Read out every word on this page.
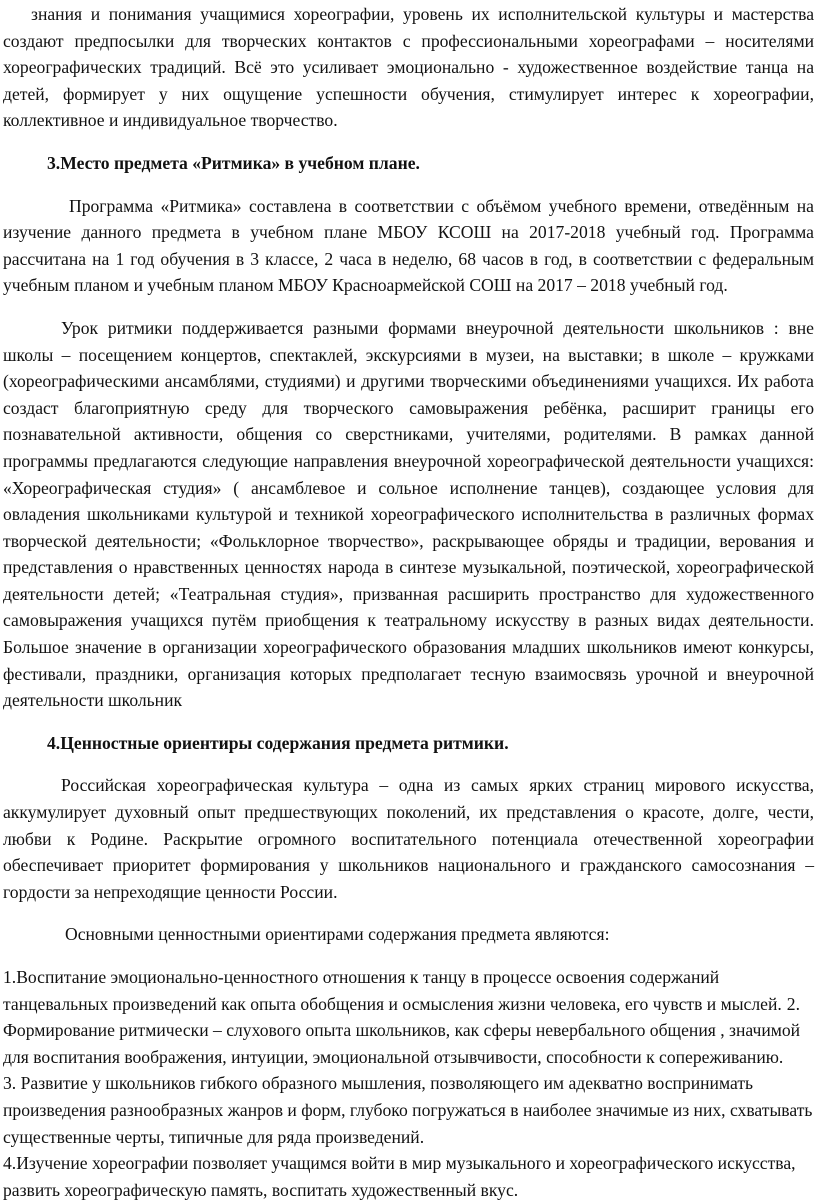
знания и понимания учащимися хореографии, уровень их исполнительской культуры и мастерства создают предпосылки для творческих контактов с профессиональными хореографами – носителями хореографических традиций. Всё это усиливает эмоционально - художественное воздействие танца на детей, формирует у них ощущение успешности обучения, стимулирует интерес к хореографии, коллективное и индивидуальное творчество.

3.Место предмета «Ритмика» в учебном плане.

Программа «Ритмика» составлена в соответствии с объёмом учебного времени, отведённым на изучение данного предмета в учебном плане МБОУ КСОШ на 2017-2018 учебный год. Программа рассчитана на 1 год обучения в 3 классе, 2 часа в неделю, 68 часов в год, в соответствии с федеральным учебным планом и учебным планом МБОУ Красноармейской СОШ на 2017 – 2018 учебный год.

Урок ритмики поддерживается разными формами внеурочной деятельности школьников : вне школы – посещением концертов, спектаклей, экскурсиями в музеи, на выставки; в школе – кружками (хореографическими ансамблями, студиями) и другими творческими объединениями учащихся. Их работа создаст благоприятную среду для творческого самовыражения ребёнка, расширит границы его познавательной активности, общения со сверстниками, учителями, родителями. В рамках данной программы предлагаются следующие направления внеурочной хореографической деятельности учащихся: «Хореографическая студия» ( ансамблевое и сольное исполнение танцев), создающее условия для овладения школьниками культурой и техникой хореографического исполнительства в различных формах творческой деятельности; «Фольклорное творчество», раскрывающее обряды и традиции, верования и представления о нравственных ценностях народа в синтезе музыкальной, поэтической, хореографической деятельности детей; «Театральная студия», призванная расширить пространство для художественного самовыражения учащихся путём приобщения к театральному искусству в разных видах деятельности. Большое значение в организации хореографического образования младших школьников имеют конкурсы, фестивали, праздники, организация которых предполагает тесную взаимосвязь урочной и внеурочной деятельности школьник

4.Ценностные ориентиры содержания предмета ритмики.

Российская хореографическая культура – одна из самых ярких страниц мирового искусства, аккумулирует духовный опыт предшествующих поколений, их представления о красоте, долге, чести, любви к Родине. Раскрытие огромного воспитательного потенциала отечественной хореографии обеспечивает приоритет формирования у школьников национального и гражданского самосознания – гордости за непреходящие ценности России.

Основными ценностными ориентирами содержания предмета являются:

1.Воспитание эмоционально-ценностного отношения к танцу в процессе освоения содержаний танцевальных произведений как опыта обобщения и осмысления жизни человека, его чувств и мыслей. 2.

Формирование ритмически – слухового опыта школьников, как сферы невербального общения , значимой для воспитания воображения, интуиции, эмоциональной отзывчивости, способности к сопереживанию.

3. Развитие у школьников гибкого образного мышления, позволяющего им адекватно воспринимать произведения разнообразных жанров и форм, глубоко погружаться в наиболее значимые из них, схватывать существенные черты, типичные для ряда произведений.

4.Изучение хореографии позволяет учащимся войти в мир музыкального и хореографического искусства, развить хореографическую память, воспитать художественный вкус.
